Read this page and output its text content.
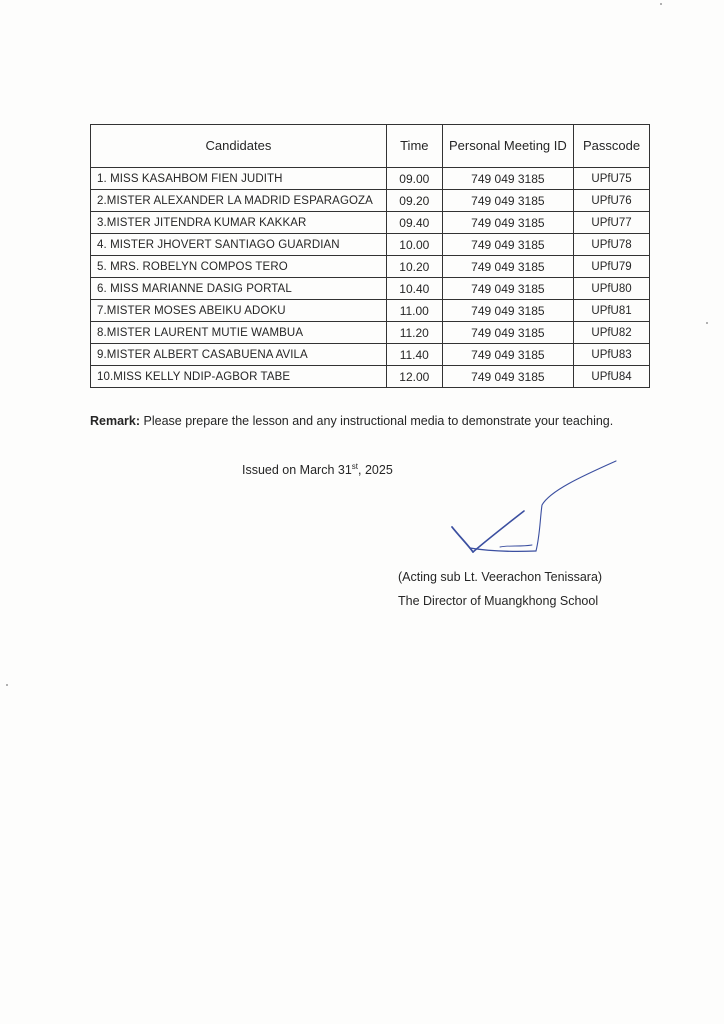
Candidates	Time	Personal Meeting ID	Passcode
1. MISS KASAHBOM FIEN JUDITH	09.00	749 049 3185	UPfU75
2.MISTER ALEXANDER LA MADRID ESPARAGOZA	09.20	749 049 3185	UPfU76
3.MISTER JITENDRA KUMAR KAKKAR	09.40	749 049 3185	UPfU77
4. MISTER JHOVERT SANTIAGO GUARDIAN	10.00	749 049 3185	UPfU78
5. MRS. ROBELYN COMPOS TERO	10.20	749 049 3185	UPfU79
6. MISS MARIANNE DASIG PORTAL	10.40	749 049 3185	UPfU80
7.MISTER MOSES ABEIKU ADOKU	11.00	749 049 3185	UPfU81
8.MISTER LAURENT MUTIE WAMBUA	11.20	749 049 3185	UPfU82
9.MISTER ALBERT CASABUENA AVILA	11.40	749 049 3185	UPfU83
10.MISS KELLY NDIP-AGBOR TABE	12.00	749 049 3185	UPfU84
Remark: Please prepare the lesson and any instructional media to demonstrate your teaching.
Issued on March 31st, 2025
(Acting sub Lt. Veerachon Tenissara)
The Director of Muangkhong School
